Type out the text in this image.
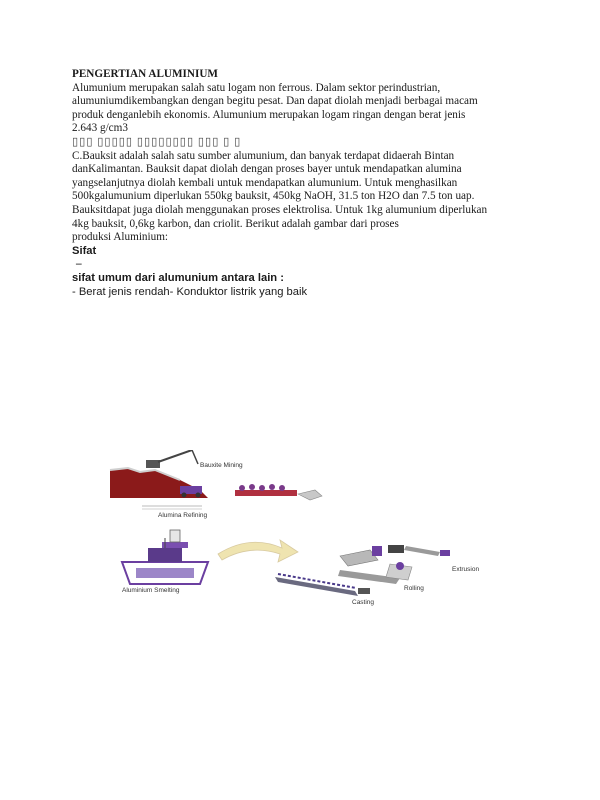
PENGERTIAN ALUMINIUM

Alumunium merupakan salah satu logam non ferrous. Dalam sektor perindustrian,

alumuniumdikembangkan dengan begitu pesat. Dan dapat diolah menjadi berbagai macam

produk denganlebih ekonomis. Alumunium merupakan logam ringan dengan berat jenis

2.643 g/cm3

▯▯▯ ▯▯▯▯▯ ▯▯▯▯▯▯▯▯ ▯▯▯ ▯ ▯

C.Bauksit adalah salah satu sumber alumunium, dan banyak terdapat didaerah Bintan

danKalimantan. Bauksit dapat diolah dengan proses bayer untuk mendapatkan alumina

yangselanjutnya diolah kembali untuk mendapatkan alumunium. Untuk menghasilkan

500kgalumunium diperlukan 550kg bauksit, 450kg NaOH, 31.5 ton H2O dan 7.5 ton uap.

Bauksitdapat juga diolah menggunakan proses elektrolisa. Untuk 1kg alumunium diperlukan

4kg bauksit, 0,6kg karbon, dan criolit. Berikut adalah gambar dari proses

produksi Aluminium:

Sifat

–

sifat umum dari alumunium antara lain :

- Berat jenis rendah- Konduktor listrik yang baik

Bauxite Mining
Alumina Refining
Aluminium Smelting
Casting
Rolling
Extrusion
